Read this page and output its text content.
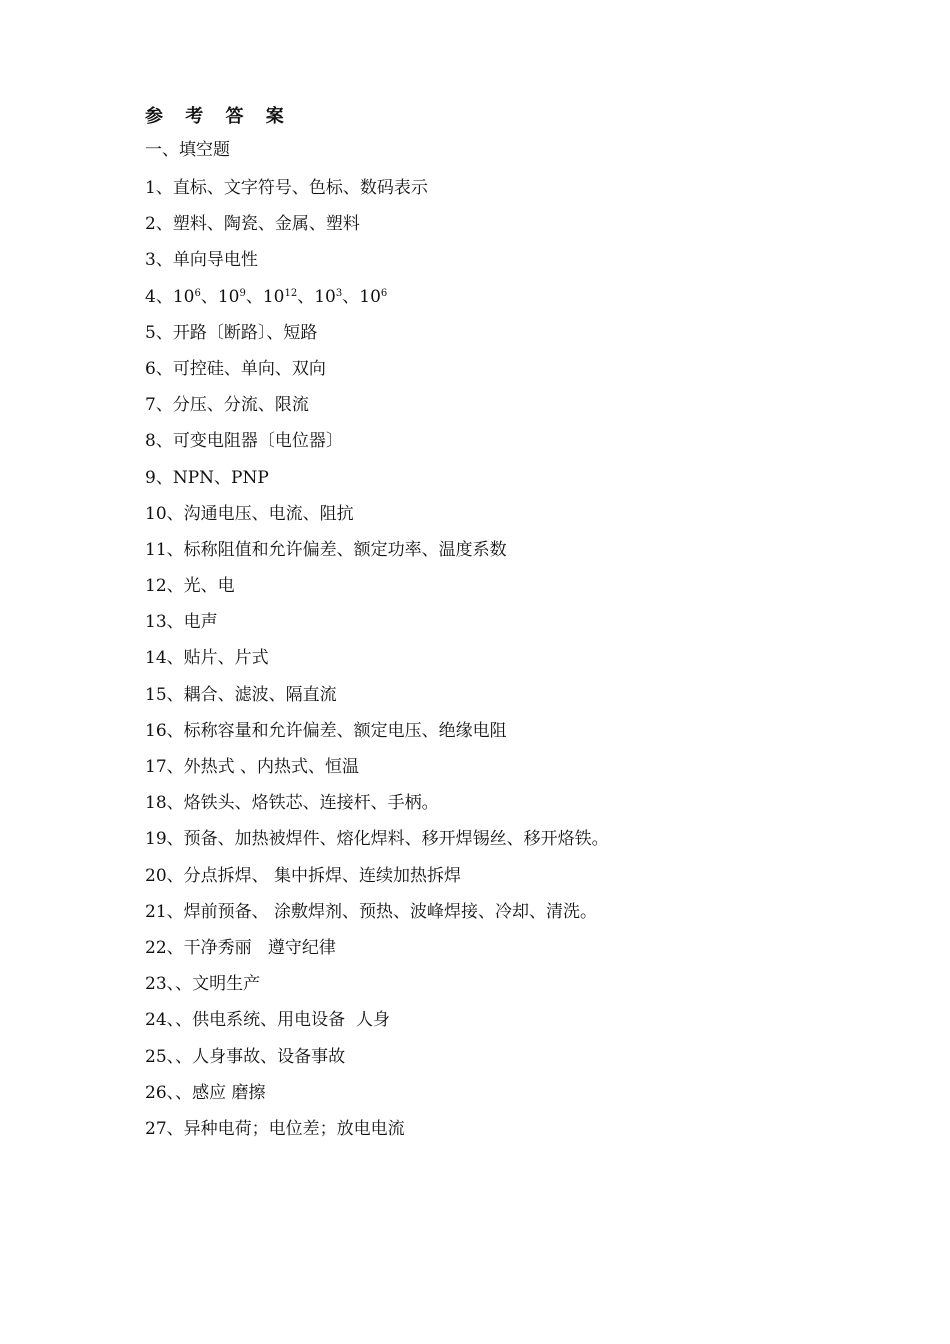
参 考 答 案
一、填空题
1、直标、文字符号、色标、数码表示
2、塑料、陶瓷、金属、塑料
3、单向导电性
4、$10^6$、$10^9$、$10^{12}$、$10^3$、$10^6$
5、开路〔断路〕、短路
6、可控硅、单向、双向
7、分压、分流、限流
8、可变电阻器〔电位器〕
9、NPN、PNP
10、沟通电压、电流、阻抗
11、标称阻值和允许偏差、额定功率、温度系数
12、光、电
13、电声
14、贴片、片式
15、耦合、滤波、隔直流
16、标称容量和允许偏差、额定电压、绝缘电阻
17、外热式 、内热式、恒温
18、烙铁头、烙铁芯、连接杆、手柄。
19、预备、加热被焊件、熔化焊料、移开焊锡丝、移开烙铁。
20、分点拆焊、 集中拆焊、连续加热拆焊
21、焊前预备、 涂敷焊剂、预热、波峰焊接、冷却、清洗。
22、干净秀丽   遵守纪律
23、、文明生产
24、、供电系统、用电设备  人身
25、、人身事故、设备事故
26、、感应 磨擦
27、异种电荷；电位差；放电电流
